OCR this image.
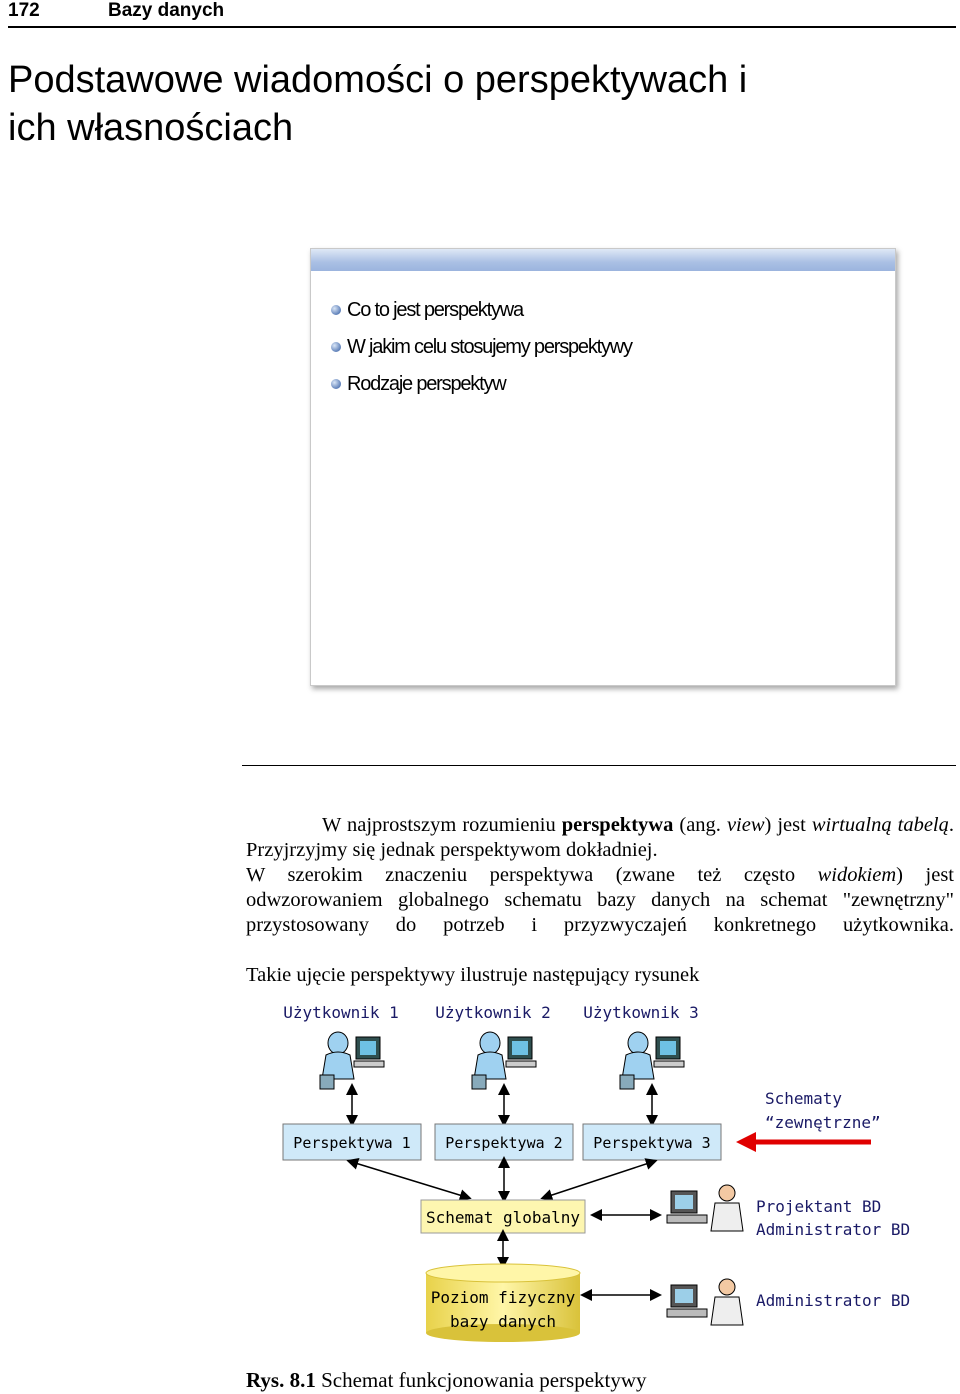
172	Bazy danych
Podstawowe wiadomości o perspektywach i
ich własnościach
Co to jest perspektywa
W jakim celu stosujemy perspektywy
Rodzaje perspektyw
W najprostszym rozumieniu perspektywa (ang. view) jest wirtualną tabelą. Przyjrzyjmy się jednak perspektywom dokładniej.
W szerokim znaczeniu perspektywa (zwane też często widokiem) jest odwzorowaniem globalnego schematu bazy danych na schemat "zewnętrzny" przystosowany do potrzeb i przyzwyczajeń konkretnego użytkownika.
Takie ujęcie perspektywy ilustruje następujący rysunek
Użytkownik 1 Użytkownik 2 Użytkownik 3
Perspektywa 1 Perspektywa 2 Perspektywa 3
Schemat globalny
Poziom fizyczny
bazy danych
Schematy
“zewnętrzne”
Projektant BD
Administrator BD
Administrator BD
Rys. 8.1 Schemat funkcjonowania perspektywy
